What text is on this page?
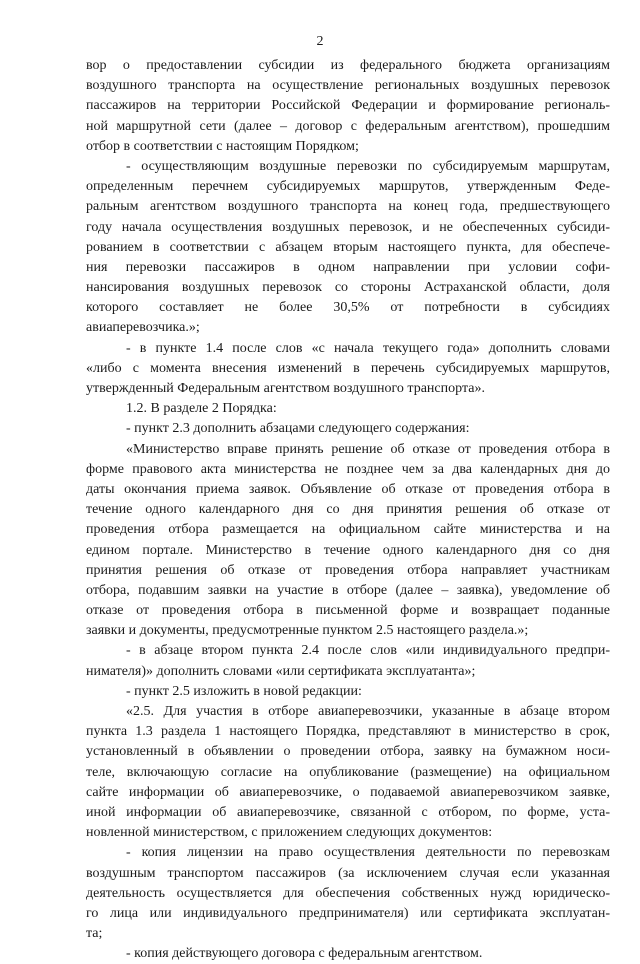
2
вор о предоставлении субсидии из федерального бюджета организациям
воздушного транспорта на осуществление региональных воздушных перевозок
пассажиров на территории Российской Федерации и формирование региональ-
ной маршрутной сети (далее – договор с федеральным агентством), прошедшим
отбор в соответствии с настоящим Порядком;
- осуществляющим воздушные перевозки по субсидируемым маршрутам,
определенным перечнем субсидируемых маршрутов, утвержденным Феде-
ральным агентством воздушного транспорта на конец года, предшествующего
году начала осуществления воздушных перевозок, и не обеспеченных субсиди-
рованием в соответствии с абзацем вторым настоящего пункта, для обеспече-
ния перевозки пассажиров в одном направлении при условии софи-
нансирования воздушных перевозок со стороны Астраханской области, доля
которого составляет не более 30,5% от потребности в субсидиях
авиаперевозчика.»;
- в пункте 1.4 после слов «с начала текущего года» дополнить словами
«либо с момента внесения изменений в перечень субсидируемых маршрутов,
утвержденный Федеральным агентством воздушного транспорта».
1.2. В разделе 2 Порядка:
- пункт 2.3 дополнить абзацами следующего содержания:
«Министерство вправе принять решение об отказе от проведения отбора в
форме правового акта министерства не позднее чем за два календарных дня до
даты окончания приема заявок. Объявление об отказе от проведения отбора в
течение одного календарного дня со дня принятия решения об отказе от
проведения отбора размещается на официальном сайте министерства и на
едином портале. Министерство в течение одного календарного дня со дня
принятия решения об отказе от проведения отбора направляет участникам
отбора, подавшим заявки на участие в отборе (далее – заявка), уведомление об
отказе от проведения отбора в письменной форме и возвращает поданные
заявки и документы, предусмотренные пунктом 2.5 настоящего раздела.»;
- в абзаце втором пункта 2.4 после слов «или индивидуального предпри-
нимателя)» дополнить словами «или сертификата эксплуатанта»;
- пункт 2.5 изложить в новой редакции:
«2.5. Для участия в отборе авиаперевозчики, указанные в абзаце втором
пункта 1.3 раздела 1 настоящего Порядка, представляют в министерство в срок,
установленный в объявлении о проведении отбора, заявку на бумажном носи-
теле, включающую согласие на опубликование (размещение) на официальном
сайте информации об авиаперевозчике, о подаваемой авиаперевозчиком заявке,
иной информации об авиаперевозчике, связанной с отбором, по форме, уста-
новленной министерством, с приложением следующих документов:
- копия лицензии на право осуществления деятельности по перевозкам
воздушным транспортом пассажиров (за исключением случая если указанная
деятельность осуществляется для обеспечения собственных нужд юридическо-
го лица или индивидуального предпринимателя) или сертификата эксплуатан-
та;
- копия действующего договора с федеральным агентством.
